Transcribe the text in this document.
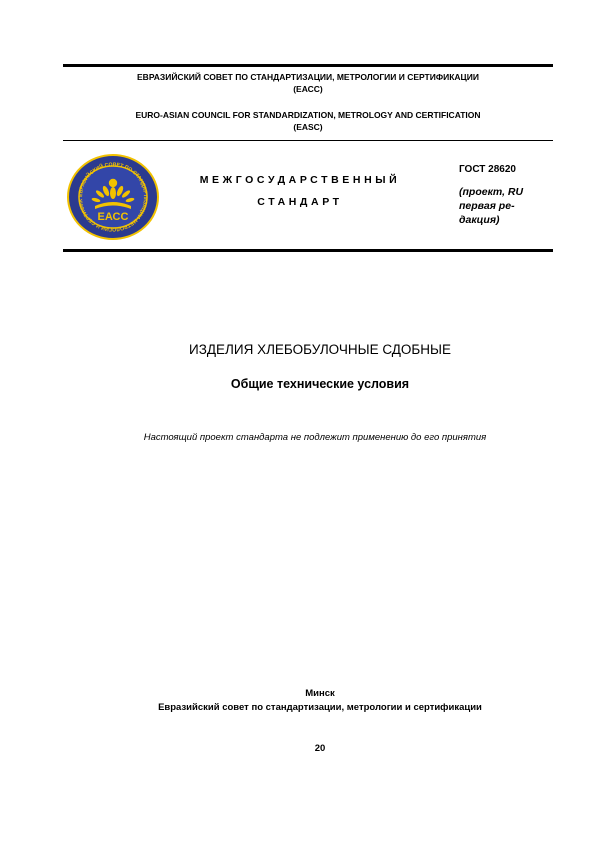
ЕВРАЗИЙСКИЙ СОВЕТ ПО СТАНДАРТИЗАЦИИ, МЕТРОЛОГИИ И СЕРТИФИКАЦИИ
(ЕАСС)
EURO-ASIAN COUNCIL FOR STANDARDIZATION, METROLOGY AND CERTIFICATION
(EASC)
ЕВРАЗИЙСКИЙ СОВЕТ ПО СТАНДАРТИЗАЦИИ МЕТРОЛОГИИ И СЕРТИФИК
ЕАСС
МЕЖГОСУДАРСТВЕННЫЙ
СТАНДАРТ
ГОСТ 28620
(проект, RU
первая ре-
дакция)
ИЗДЕЛИЯ ХЛЕБОБУЛОЧНЫЕ СДОБНЫЕ
Общие технические условия
Настоящий проект стандарта не подлежит применению до его принятия
Минск
Евразийский совет по стандартизации, метрологии и сертификации
20
